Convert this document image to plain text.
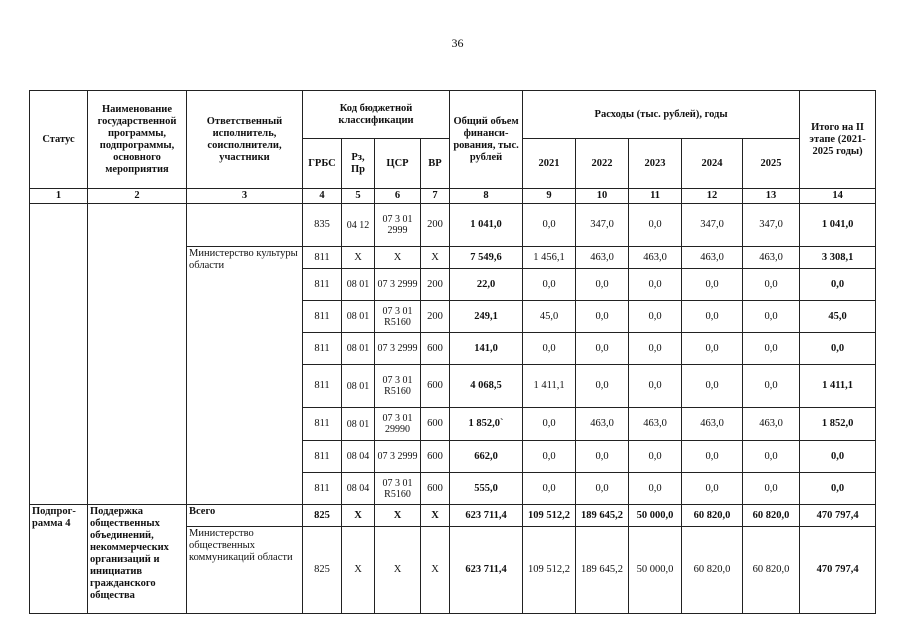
36
Статус	Наименование государственной программы, подпрограммы, основного мероприятия	Ответственный исполнитель, соисполнители, участники	Код бюджетной классификации				Общий объем финанси- рования, тыс. рублей	Расходы (тыс. рублей), годы					Итого на II этапе (2021-2025 годы)
			ГРБС	Рз, Пр	ЦСР	ВР		2021	2022	2023	2024	2025	
1	2	3	4	5	6	7	8	9	10	11	12	13	14
			835	04 12	07 3 01 2999	200	1 041,0	0,0	347,0	0,0	347,0	347,0	1 041,0
		Министерство культуры области	811	Х	Х	Х	7 549,6	1 456,1	463,0	463,0	463,0	463,0	3 308,1
			811	08 01	07 3 2999	200	22,0	0,0	0,0	0,0	0,0	0,0	0,0
			811	08 01	07 3 01 R5160	200	249,1	45,0	0,0	0,0	0,0	0,0	45,0
			811	08 01	07 3 2999	600	141,0	0,0	0,0	0,0	0,0	0,0	0,0
			811	08 01	07 3 01 R5160	600	4 068,5	1 411,1	0,0	0,0	0,0	0,0	1 411,1
			811	08 01	07 3 01 29990	600	1 852,0`	0,0	463,0	463,0	463,0	463,0	1 852,0
			811	08 04	07 3 2999	600	662,0	0,0	0,0	0,0	0,0	0,0	0,0
			811	08 04	07 3 01 R5160	600	555,0	0,0	0,0	0,0	0,0	0,0	0,0
Подпрог- рамма 4	Поддержка общественных объединений, некоммерческих организаций и инициатив гражданского общества	Всего	825	Х	Х	Х	623 711,4	109 512,2	189 645,2	50 000,0	60 820,0	60 820,0	470 797,4
		Министерство общественных коммуникаций области	825	Х	Х	Х	623 711,4	109 512,2	189 645,2	50 000,0	60 820,0	60 820,0	470 797,4
